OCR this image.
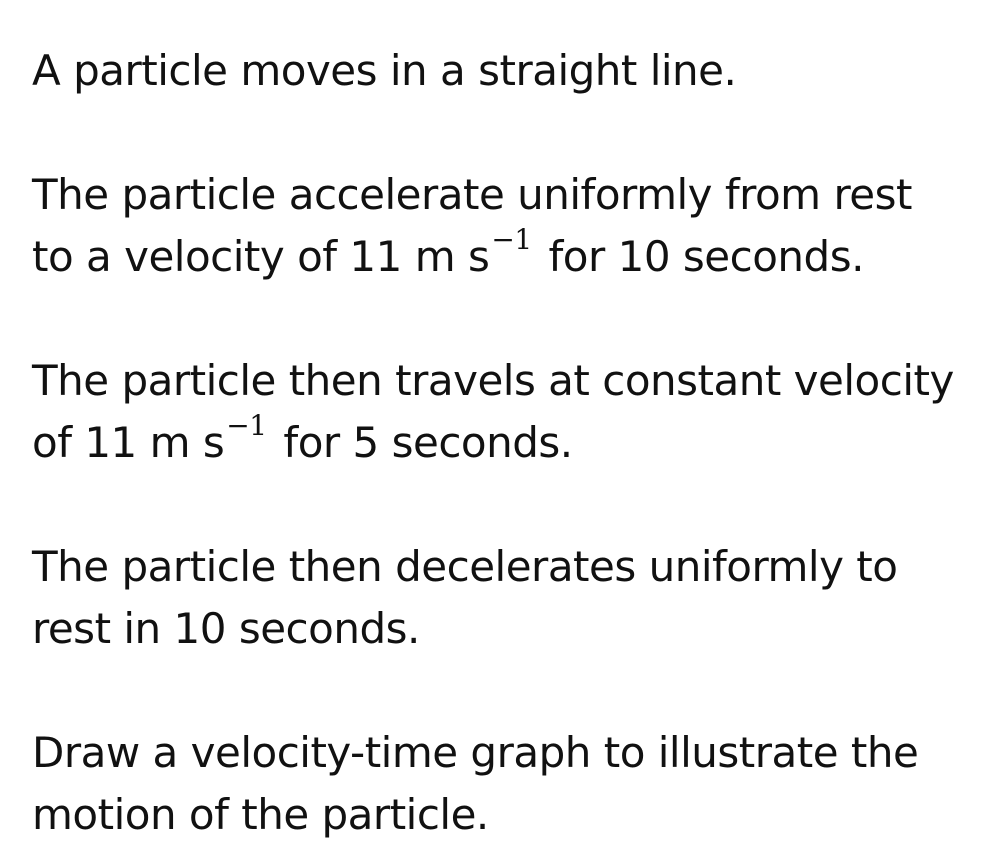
A particle moves in a straight line.

The particle accelerate uniformly from rest
to a velocity of 11 m $s^{-1}$ for 10 seconds.

The particle then travels at constant velocity
of 11 m $s^{-1}$ for 5 seconds.

The particle then decelerates uniformly to
rest in 10 seconds.

Draw a velocity-time graph to illustrate the
motion of the particle.
